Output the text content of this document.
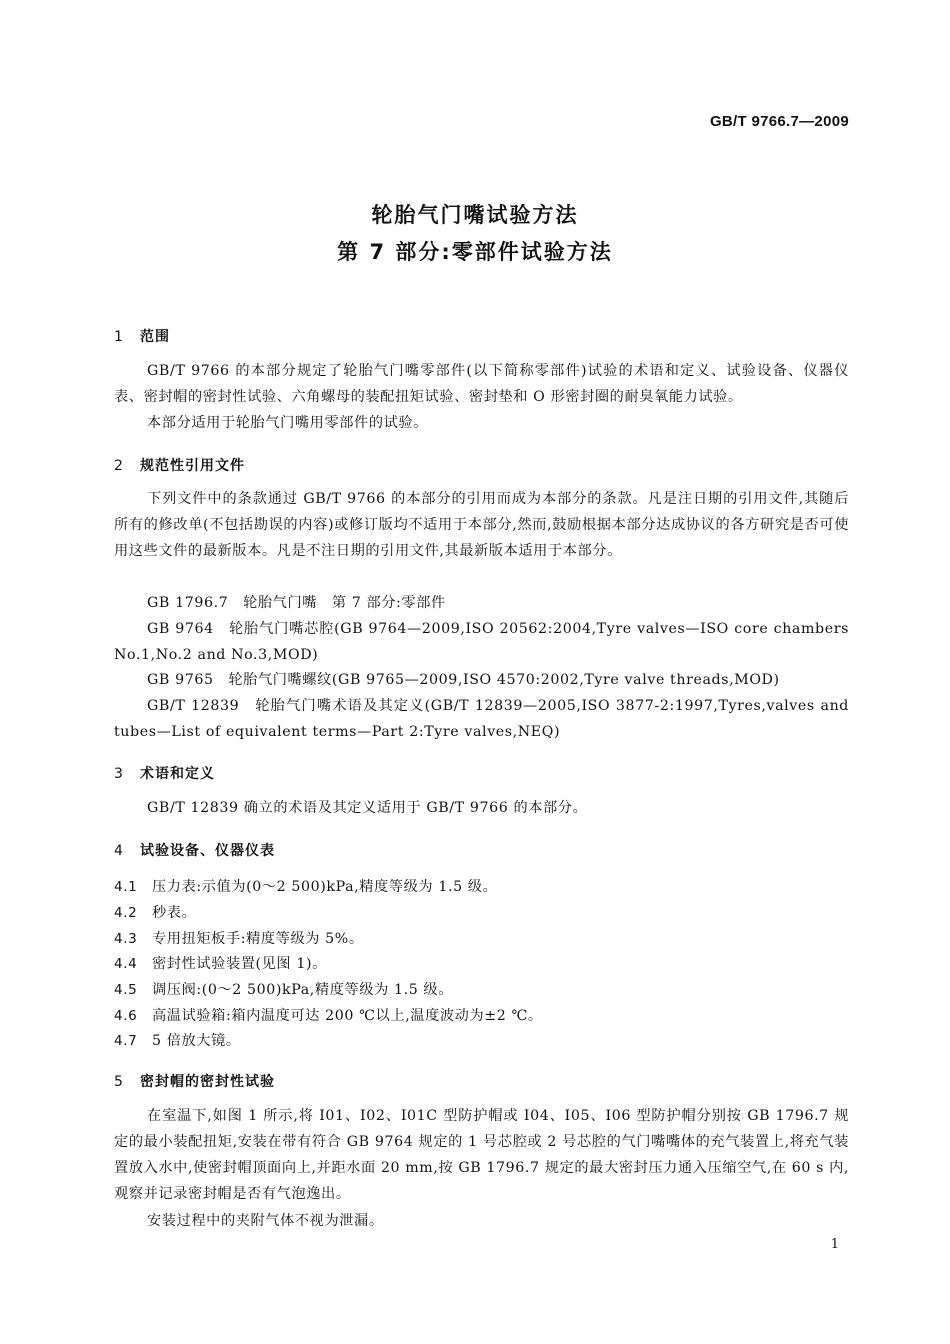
GB/T 9766.7—2009
轮胎气门嘴试验方法
第 7 部分:零部件试验方法
1 范围
GB/T 9766 的本部分规定了轮胎气门嘴零部件(以下简称零部件)试验的术语和定义、试验设备、仪器仪表、密封帽的密封性试验、六角螺母的装配扭矩试验、密封垫和 O 形密封圈的耐臭氧能力试验。
本部分适用于轮胎气门嘴用零部件的试验。
2 规范性引用文件
下列文件中的条款通过 GB/T 9766 的本部分的引用而成为本部分的条款。凡是注日期的引用文件,其随后所有的修改单(不包括勘误的内容)或修订版均不适用于本部分,然而,鼓励根据本部分达成协议的各方研究是否可使用这些文件的最新版本。凡是不注日期的引用文件,其最新版本适用于本部分。
GB 1796.7　轮胎气门嘴　第 7 部分:零部件
GB 9764　轮胎气门嘴芯腔(GB 9764—2009,ISO 20562:2004,Tyre valves—ISO core chambers No.1,No.2 and No.3,MOD)
GB 9765　轮胎气门嘴螺纹(GB 9765—2009,ISO 4570:2002,Tyre valve threads,MOD)
GB/T 12839　轮胎气门嘴术语及其定义(GB/T 12839—2005,ISO 3877-2:1997,Tyres,valves and tubes—List of equivalent terms—Part 2:Tyre valves,NEQ)
3 术语和定义
GB/T 12839 确立的术语及其定义适用于 GB/T 9766 的本部分。
4 试验设备、仪器仪表
4.1 压力表:示值为(0～2 500)kPa,精度等级为 1.5 级。
4.2 秒表。
4.3 专用扭矩板手:精度等级为 5%。
4.4 密封性试验装置(见图 1)。
4.5 调压阀:(0～2 500)kPa,精度等级为 1.5 级。
4.6 高温试验箱:箱内温度可达 200 ℃以上,温度波动为±2 ℃。
4.7 5 倍放大镜。
5 密封帽的密封性试验
在室温下,如图 1 所示,将 I01、I02、I01C 型防护帽或 I04、I05、I06 型防护帽分别按 GB 1796.7 规定的最小装配扭矩,安装在带有符合 GB 9764 规定的 1 号芯腔或 2 号芯腔的气门嘴嘴体的充气装置上,将充气装置放入水中,使密封帽顶面向上,并距水面 20 mm,按 GB 1796.7 规定的最大密封压力通入压缩空气,在 60 s 内,观察并记录密封帽是否有气泡逸出。
安装过程中的夹附气体不视为泄漏。
1
